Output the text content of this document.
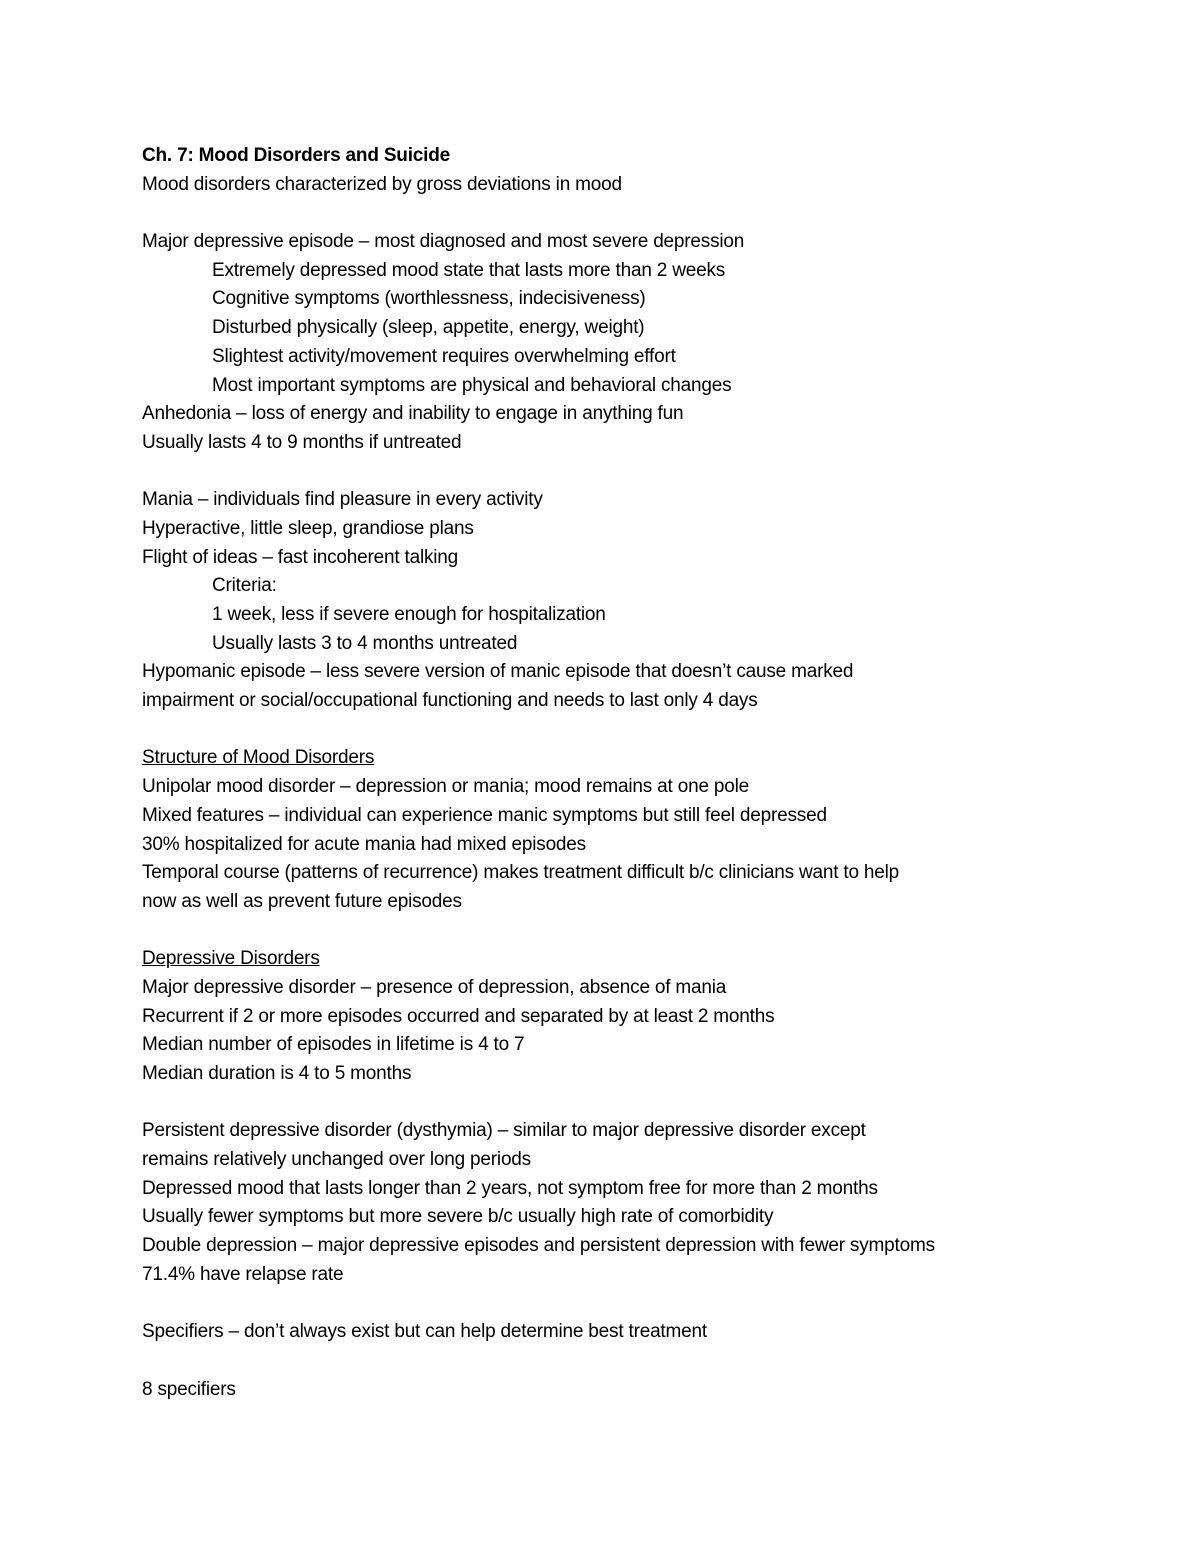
Ch. 7: Mood Disorders and Suicide
Mood disorders characterized by gross deviations in mood
Major depressive episode – most diagnosed and most severe depression
Extremely depressed mood state that lasts more than 2 weeks
Cognitive symptoms (worthlessness, indecisiveness)
Disturbed physically (sleep, appetite, energy, weight)
Slightest activity/movement requires overwhelming effort
Most important symptoms are physical and behavioral changes
Anhedonia – loss of energy and inability to engage in anything fun
Usually lasts 4 to 9 months if untreated
Mania – individuals find pleasure in every activity
Hyperactive, little sleep, grandiose plans
Flight of ideas – fast incoherent talking
Criteria:
1 week, less if severe enough for hospitalization
Usually lasts 3 to 4 months untreated
Hypomanic episode – less severe version of manic episode that doesn’t cause marked
impairment or social/occupational functioning and needs to last only 4 days
Structure of Mood Disorders
Unipolar mood disorder – depression or mania; mood remains at one pole
Mixed features – individual can experience manic symptoms but still feel depressed
30% hospitalized for acute mania had mixed episodes
Temporal course (patterns of recurrence) makes treatment difficult b/c clinicians want to help
now as well as prevent future episodes
Depressive Disorders
Major depressive disorder – presence of depression, absence of mania
Recurrent if 2 or more episodes occurred and separated by at least 2 months
Median number of episodes in lifetime is 4 to 7
Median duration is 4 to 5 months
Persistent depressive disorder (dysthymia) – similar to major depressive disorder except
remains relatively unchanged over long periods
Depressed mood that lasts longer than 2 years, not symptom free for more than 2 months
Usually fewer symptoms but more severe b/c usually high rate of comorbidity
Double depression – major depressive episodes and persistent depression with fewer symptoms
71.4% have relapse rate
Specifiers – don’t always exist but can help determine best treatment
8 specifiers
